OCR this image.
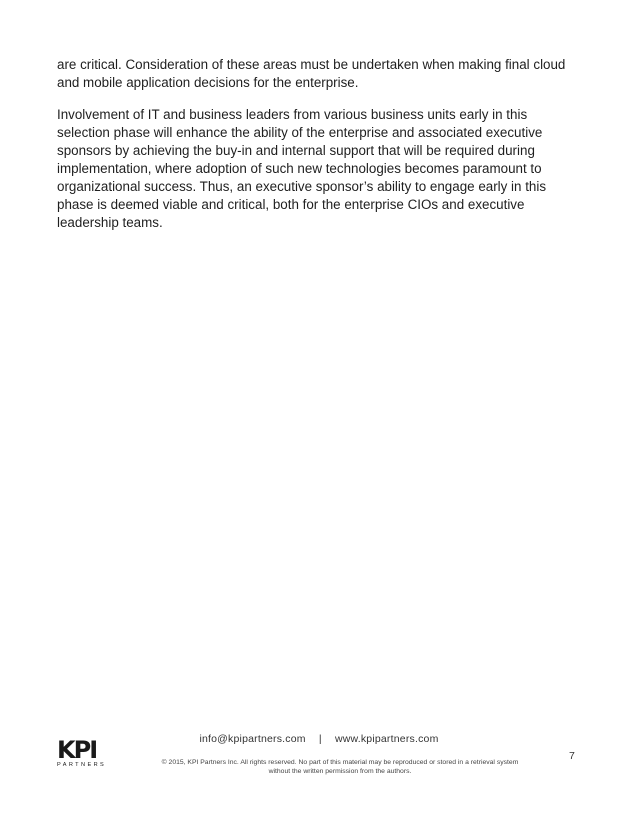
are critical. Consideration of these areas must be undertaken when making final cloud
and mobile application decisions for the enterprise.

Involvement of IT and business leaders from various business units early in this
selection phase will enhance the ability of the enterprise and associated executive
sponsors by achieving the buy-in and internal support that will be required during
implementation, where adoption of such new technologies becomes paramount to
organizational success. Thus, an executive sponsor’s ability to engage early in this
phase is deemed viable and critical, both for the enterprise CIOs and executive
leadership teams.

info@kpipartners.com | www.kpipartners.com
7
KPI
PARTNERS	© 2015, KPI Partners Inc. All rights reserved. No part of this material may be reproduced or stored in a retrieval system
without the written permission from the authors.
